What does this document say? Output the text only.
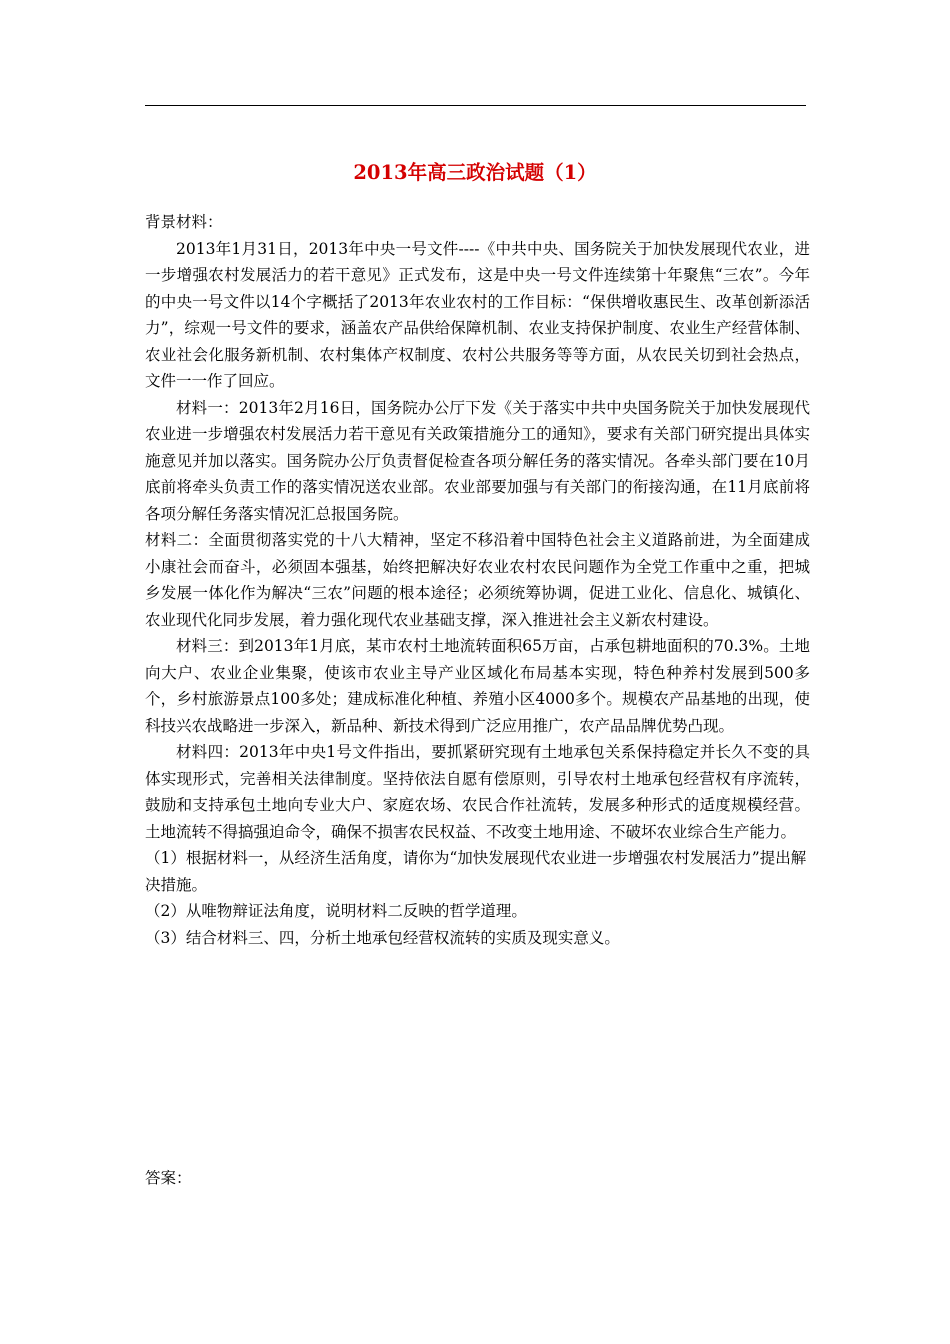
2013年高三政治试题（1）

背景材料：

2013年1月31日，2013年中央一号文件----《中共中央、国务院关于加快发展现代农业，进一步增强农村发展活力的若干意见》正式发布，这是中央一号文件连续第十年聚焦“三农”。今年的中央一号文件以14个字概括了2013年农业农村的工作目标：“保供增收惠民生、改革创新添活力”，综观一号文件的要求，涵盖农产品供给保障机制、农业支持保护制度、农业生产经营体制、农业社会化服务新机制、农村集体产权制度、农村公共服务等等方面，从农民关切到社会热点，文件一一作了回应。

材料一：2013年2月16日，国务院办公厅下发《关于落实中共中央国务院关于加快发展现代农业进一步增强农村发展活力若干意见有关政策措施分工的通知》，要求有关部门研究提出具体实施意见并加以落实。国务院办公厅负责督促检查各项分解任务的落实情况。各牵头部门要在10月底前将牵头负责工作的落实情况送农业部。农业部要加强与有关部门的衔接沟通，在11月底前将各项分解任务落实情况汇总报国务院。

材料二：全面贯彻落实党的十八大精神，坚定不移沿着中国特色社会主义道路前进，为全面建成小康社会而奋斗，必须固本强基，始终把解决好农业农村农民问题作为全党工作重中之重，把城乡发展一体化作为解决“三农”问题的根本途径；必须统筹协调，促进工业化、信息化、城镇化、农业现代化同步发展，着力强化现代农业基础支撑，深入推进社会主义新农村建设。

材料三：到2013年1月底，某市农村土地流转面积65万亩，占承包耕地面积的70.3%。土地向大户、农业企业集聚，使该市农业主导产业区域化布局基本实现，特色种养村发展到500多个，乡村旅游景点100多处；建成标准化种植、养殖小区4000多个。规模农产品基地的出现，使科技兴农战略进一步深入，新品种、新技术得到广泛应用推广，农产品品牌优势凸现。

材料四：2013年中央1号文件指出，要抓紧研究现有土地承包关系保持稳定并长久不变的具体实现形式，完善相关法律制度。坚持依法自愿有偿原则，引导农村土地承包经营权有序流转，鼓励和支持承包土地向专业大户、家庭农场、农民合作社流转，发展多种形式的适度规模经营。土地流转不得搞强迫命令，确保不损害农民权益、不改变土地用途、不破坏农业综合生产能力。

（1）根据材料一，从经济生活角度，请你为“加快发展现代农业进一步增强农村发展活力”提出解决措施。

（2）从唯物辩证法角度，说明材料二反映的哲学道理。

（3）结合材料三、四，分析土地承包经营权流转的实质及现实意义。

答案：
